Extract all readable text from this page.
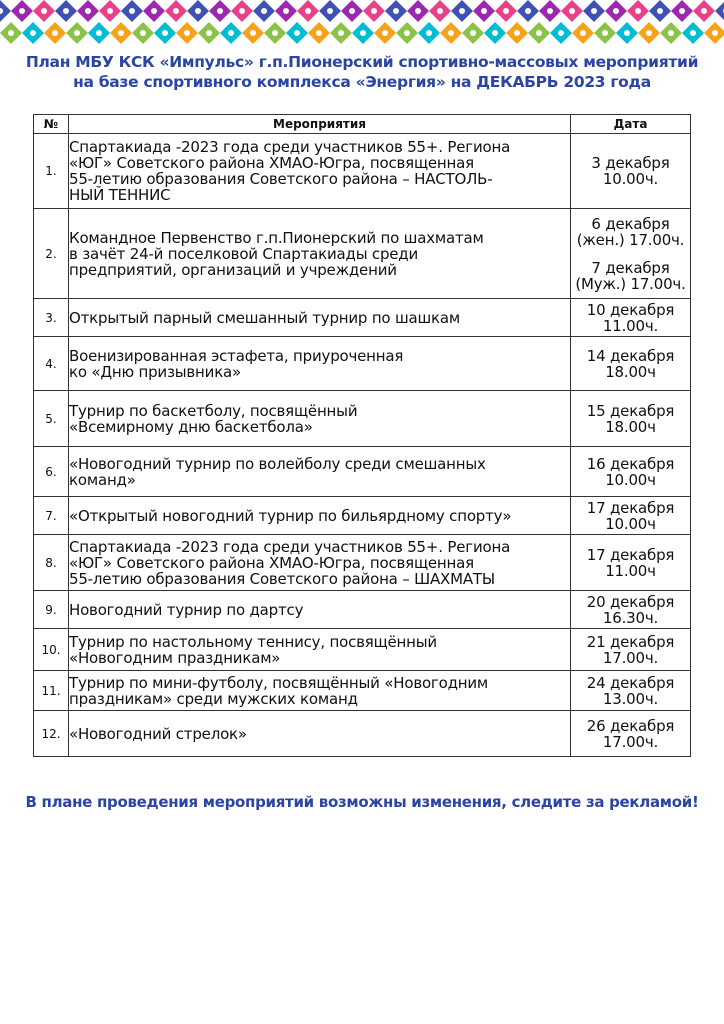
План МБУ КСК «Импульс» г.п.Пионерский спортивно-массовых мероприятий
на базе спортивного комплекса «Энергия» на ДЕКАБРЬ 2023 года
№	Мероприятия	Дата
1.	Спартакиада -2023 года среди участников 55+. Региона
«ЮГ» Советского района ХМАО-Югра, посвященная
55-летию образования Советского района – НАСТОЛЬ-
НЫЙ ТЕННИС	3 декабря
10.00ч.

2.	Командное Первенство г.п.Пионерский по шахматам
в зачёт 24-й поселковой Спартакиады среди
предприятий, организаций и учреждений	6 декабря
(жен.) 17.00ч.
7 декабря
(Муж.) 17.00ч.

3.	Открытый парный смешанный турнир по шашкам	10 декабря
11.00ч.

4.	Военизированная эстафета, приуроченная
ко «Дню призывника»	14 декабря
18.00ч

5.	Турнир по баскетболу, посвящённый
«Всемирному дню баскетбола»	15 декабря
18.00ч

6.	«Новогодний турнир по волейболу среди смешанных
команд»	16 декабря
10.00ч

7.	«Открытый новогодний турнир по бильярдному спорту»	17 декабря
10.00ч

8.	Спартакиада -2023 года среди участников 55+. Региона
«ЮГ» Советского района ХМАО-Югра, посвященная
55-летию образования Советского района – ШАХМАТЫ	17 декабря
11.00ч

9.	Новогодний турнир по дартсу	20 декабря
16.30ч.

10.	Турнир по настольному теннису, посвящённый
«Новогодним праздникам»	21 декабря
17.00ч.

11.	Турнир по мини-футболу, посвящённый «Новогодним
праздникам» среди мужских команд	24 декабря
13.00ч.

12.	«Новогодний стрелок»	26 декабря
17.00ч.
В плане проведения мероприятий возможны изменения, следите за рекламой!
